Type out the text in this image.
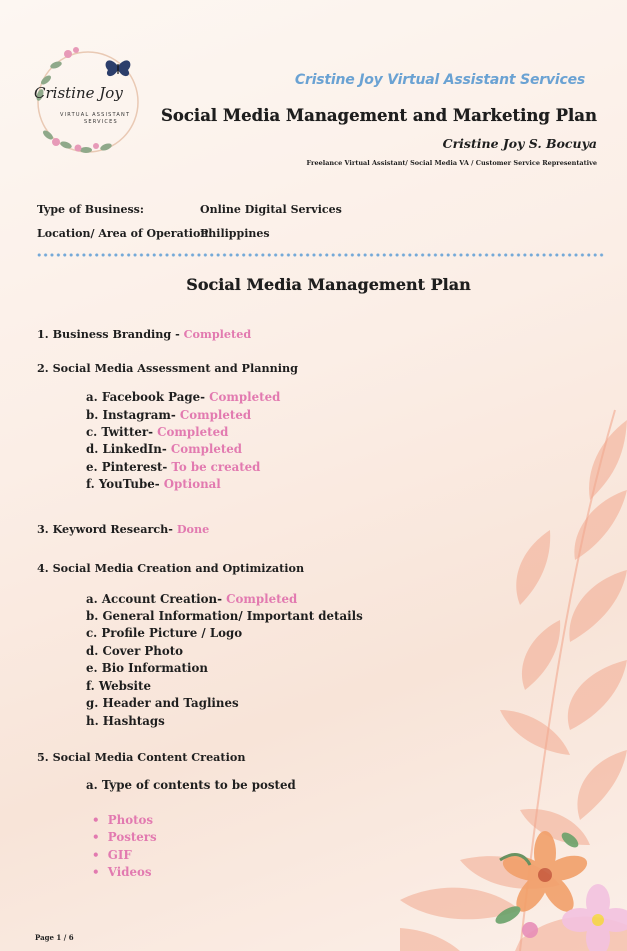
Cristine Joy
VIRTUAL ASSISTANT
SERVICES
Cristine Joy Virtual Assistant Services
Social Media Management and Marketing Plan
Cristine Joy S. Bocuya
Freelance Virtual Assistant/ Social Media VA / Customer Service Representative
Type of Business:	Online Digital Services
Location/ Area of Operation:
Philippines
Social Media Management Plan
1. Business Branding - Completed
2. Social Media Assessment and Planning
a. Facebook Page- Completed
b. Instagram- Completed
c. Twitter- Completed
d. LinkedIn- Completed
e. Pinterest- To be created
f. YouTube- Optional
3. Keyword Research- Done
4. Social Media Creation and Optimization
a. Account Creation- Completed
b. General Information/ Important details
c. Profile Picture / Logo
d. Cover Photo
e. Bio Information
f. Website
g. Header and Taglines
h. Hashtags
5. Social Media Content Creation
a. Type of contents to be posted
•  Photos
•  Posters
•  GIF
•  Videos
Page 1 / 6
